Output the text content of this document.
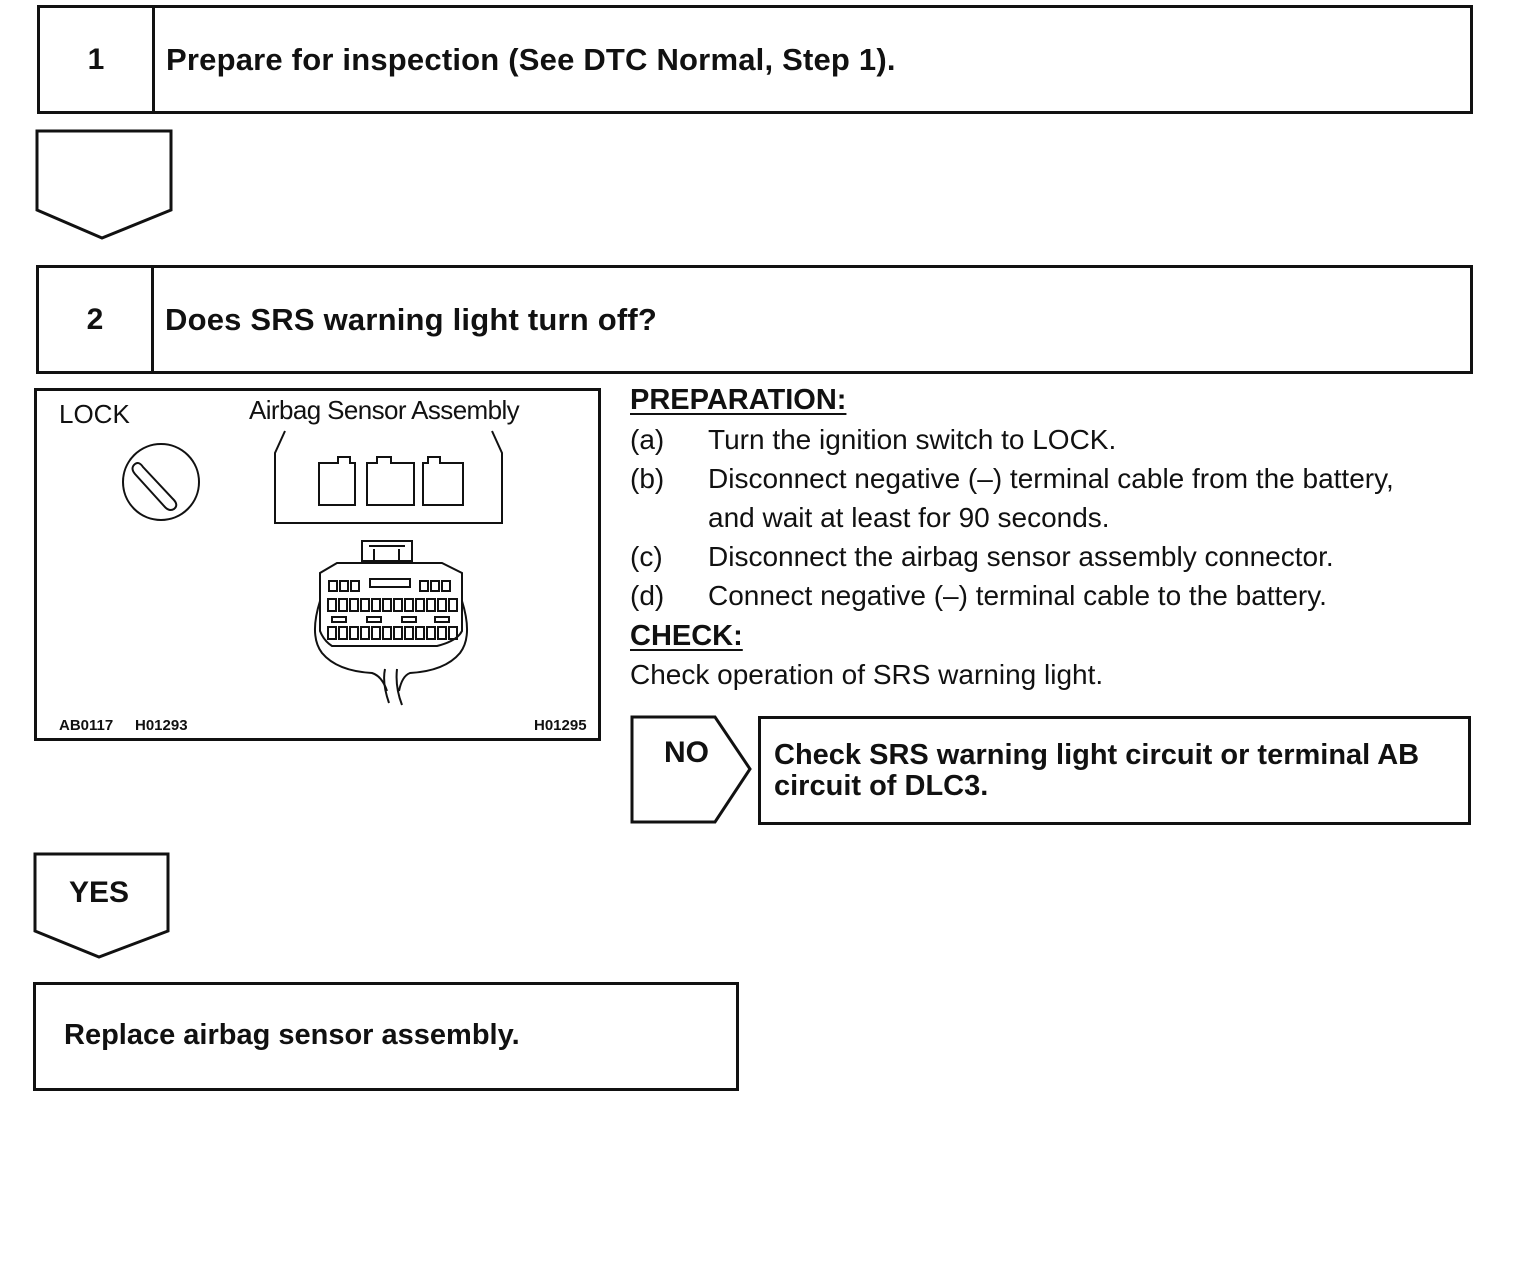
1	Prepare for inspection (See DTC Normal, Step 1).
2	Does SRS warning light turn off?
LOCK	Airbag Sensor Assembly
AB0117 H01293	H01295
PREPARATION:
(a) Turn the ignition switch to LOCK.
(b) Disconnect negative (–) terminal cable from the battery,
and wait at least for 90 seconds.
(c) Disconnect the airbag sensor assembly connector.
(d) Connect negative (–) terminal cable to the battery.
CHECK:
Check operation of SRS warning light.
NO Check SRS warning light circuit or terminal AB
circuit of DLC3.
YES
Replace airbag sensor assembly.
